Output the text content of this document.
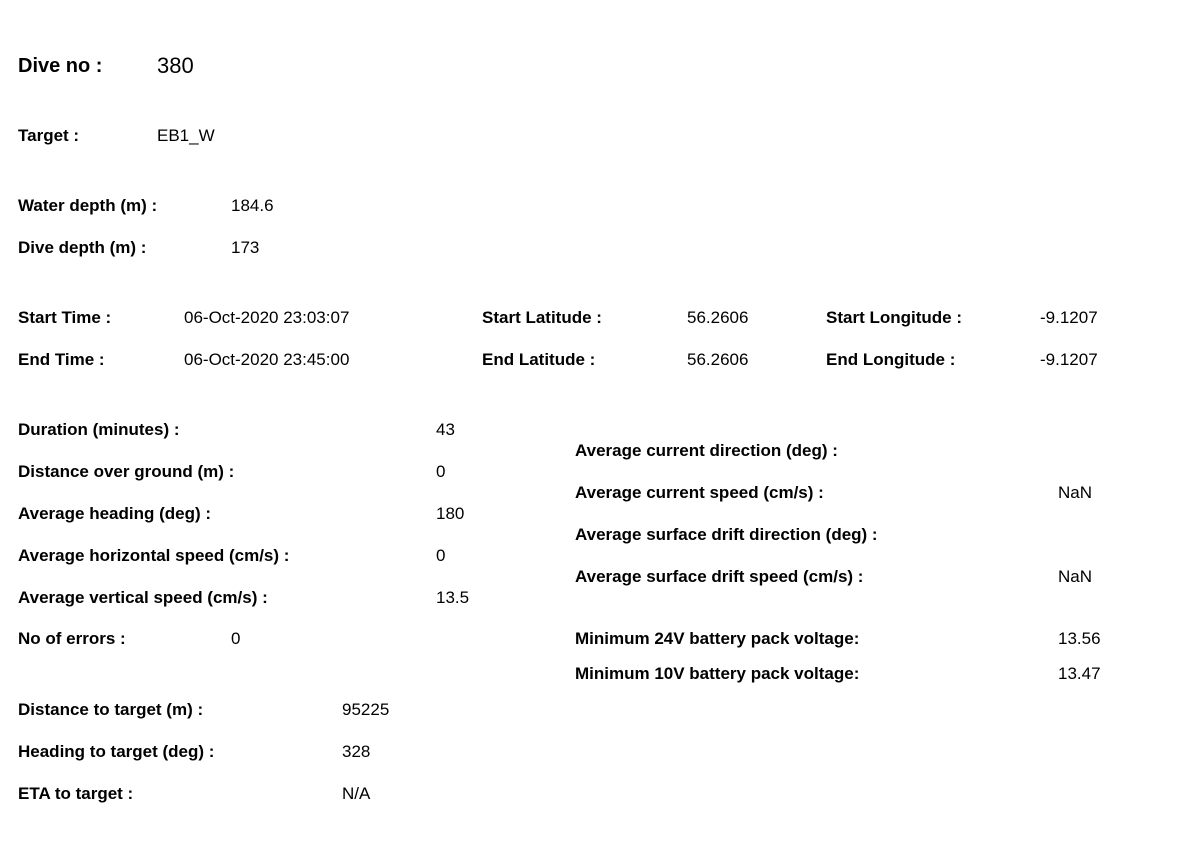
Dive no : 380
Target :	EB1_W
Water depth (m) :	184.6
Dive depth (m) :	173
Start Time :	06-Oct-2020 23:03:07
End Time :	06-Oct-2020 23:45:00
Start Latitude :	56.2606
End Latitude :	56.2606
Start Longitude :	-9.1207
End Longitude :	-9.1207
Duration (minutes) :	43
Distance over ground (m) :	0
Average heading (deg) :	180
Average horizontal speed (cm/s) :	0
Average vertical speed (cm/s) :	13.5
No of errors :	0
Average current direction (deg) :
Average current speed (cm/s) :	NaN
Average surface drift direction (deg) :
Average surface drift speed (cm/s) :	NaN
Minimum 24V battery pack voltage:	13.56
Minimum 10V battery pack voltage:	13.47
Distance to target (m) :	95225
Heading to target (deg) :	328
ETA to target :	N/A
